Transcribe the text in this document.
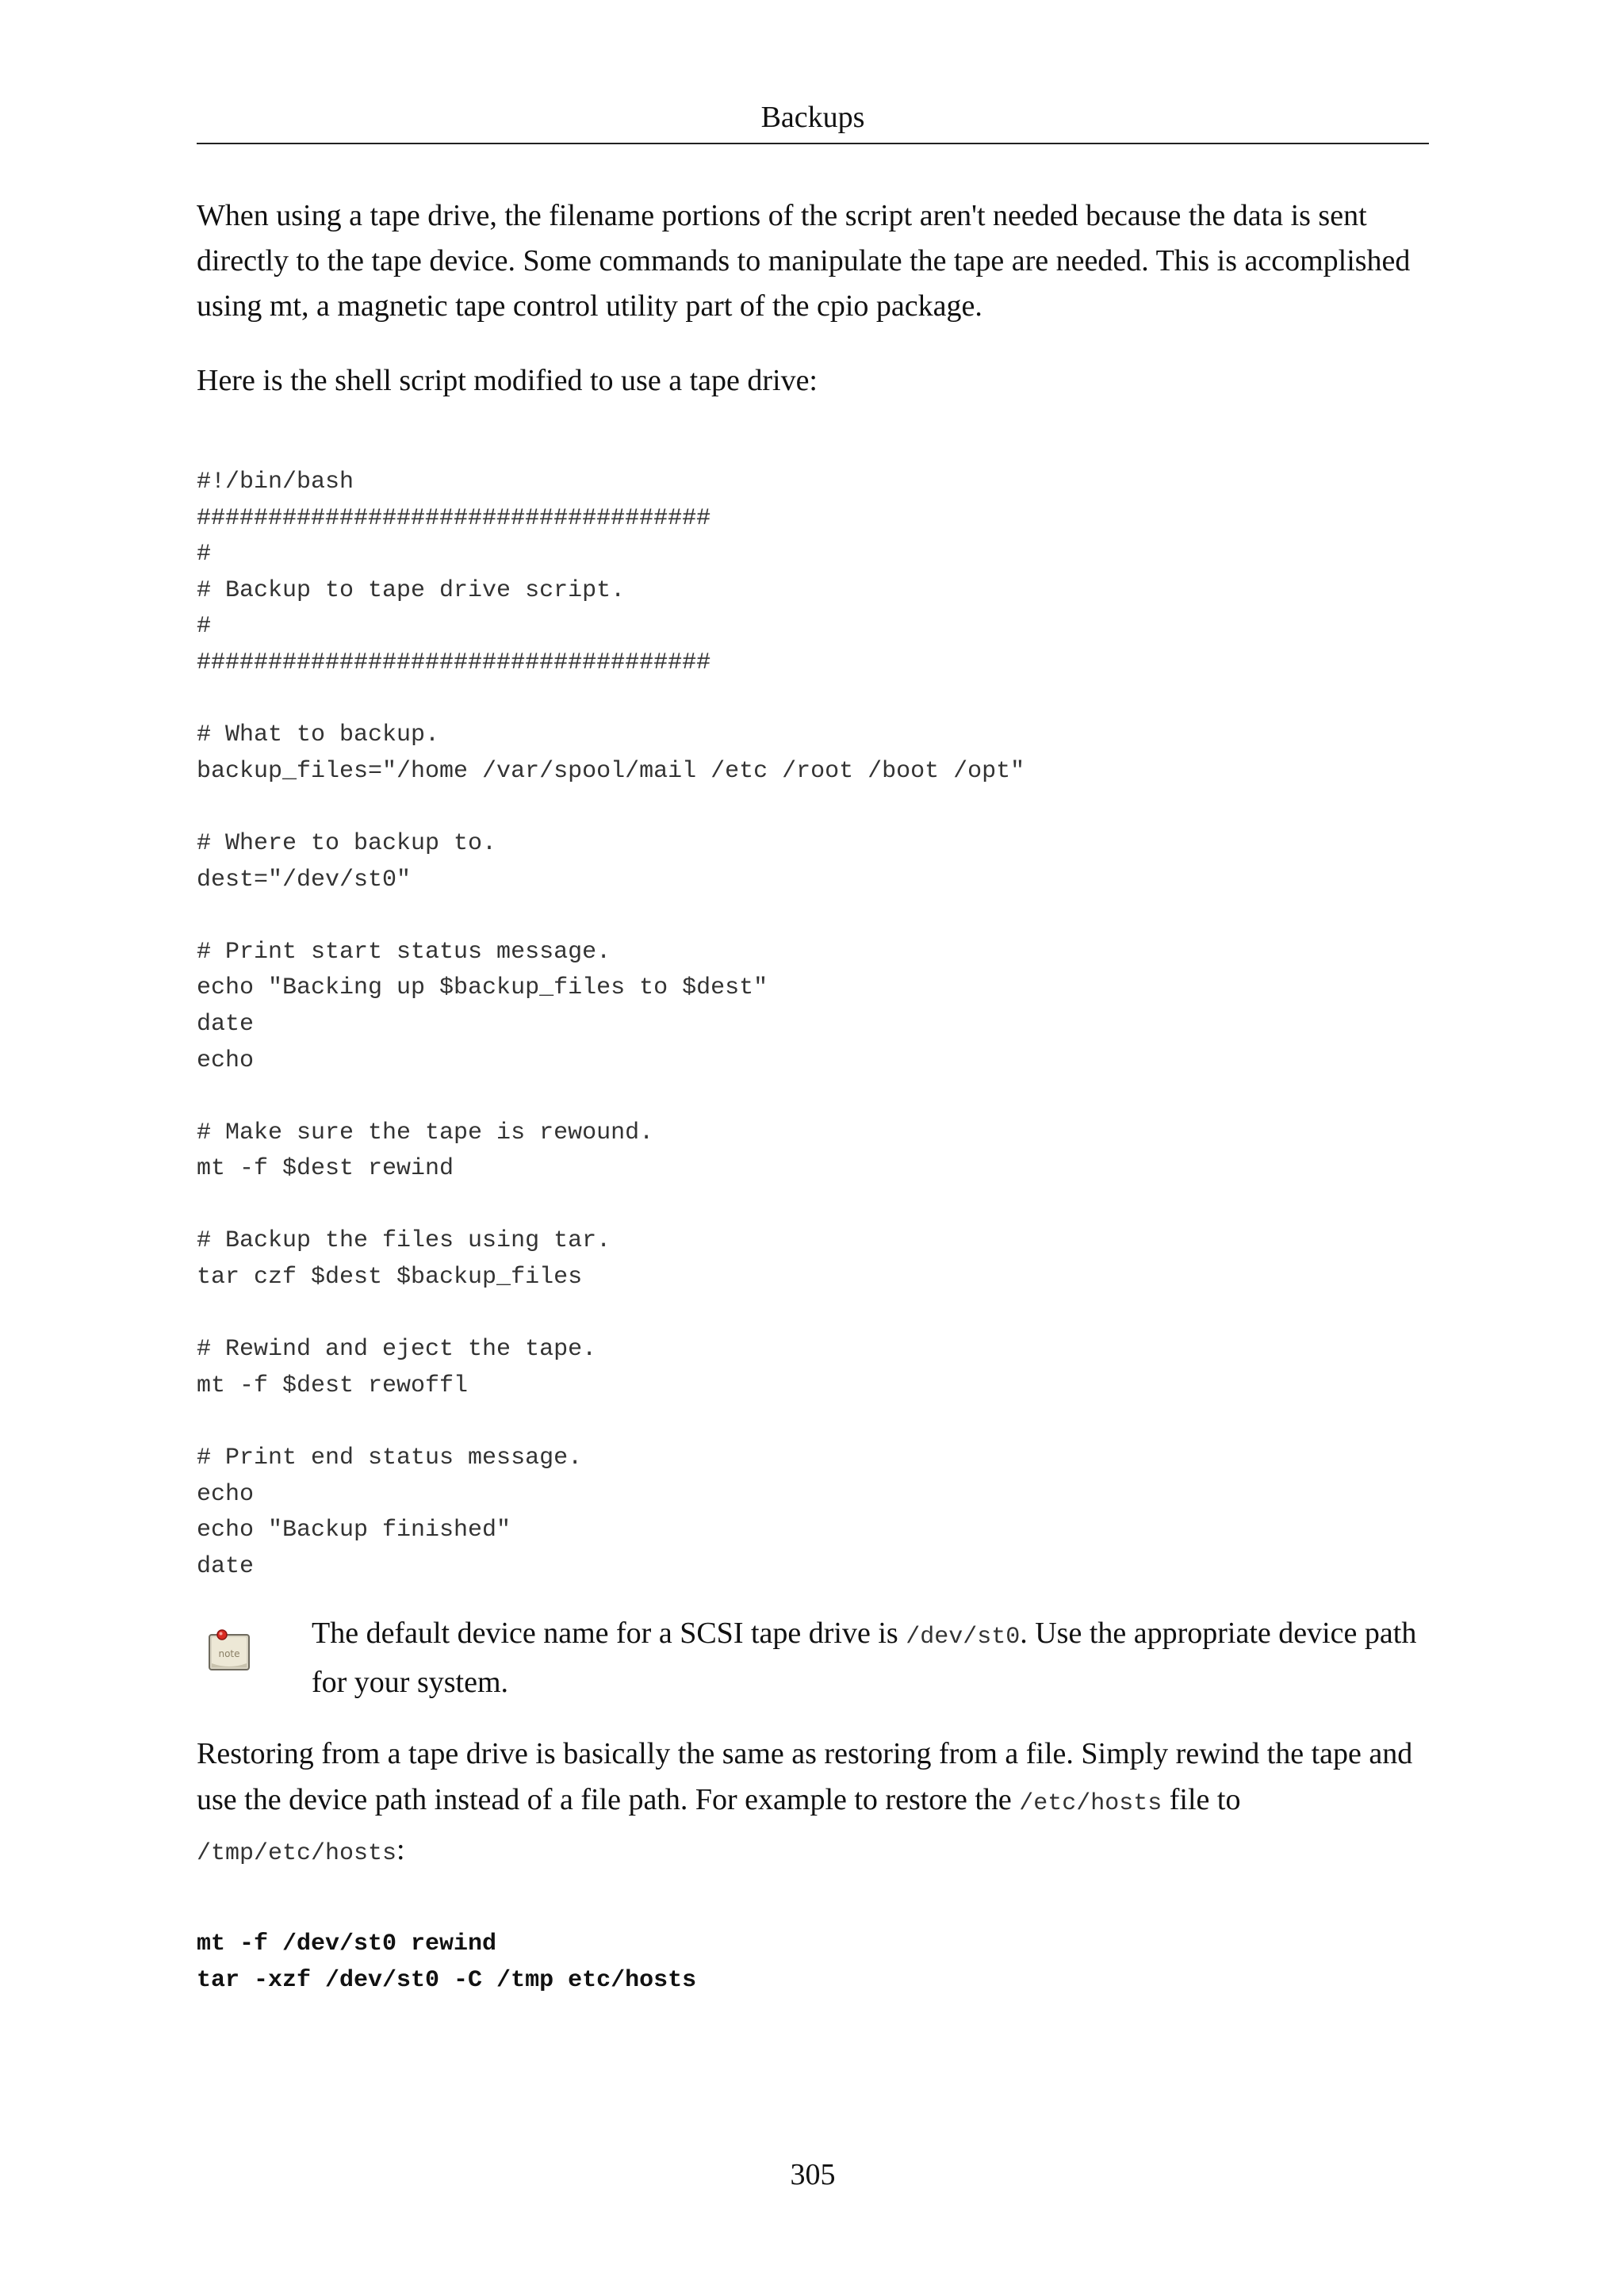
Backups

When using a tape drive, the filename portions of the script aren't needed because the data is sent directly to the tape device. Some commands to manipulate the tape are needed. This is accomplished using mt, a magnetic tape control utility part of the cpio package.

Here is the shell script modified to use a tape drive:

#!/bin/bash
####################################
#
# Backup to tape drive script.
#
####################################
# What to backup.
backup_files="/home /var/spool/mail /etc /root /boot /opt"
# Where to backup to.
dest="/dev/st0"
# Print start status message.
echo "Backing up $backup_files to $dest"
date
echo
# Make sure the tape is rewound.
mt -f $dest rewind
# Backup the files using tar.
tar czf $dest $backup_files
# Rewind and eject the tape.
mt -f $dest rewoffl
# Print end status message.
echo
echo "Backup finished"
date
note

The default device name for a SCSI tape drive is /dev/st0. Use the appropriate device path for your system.

Restoring from a tape drive is basically the same as restoring from a file. Simply rewind the tape and use the device path instead of a file path. For example to restore the /etc/hosts file to /tmp/etc/hosts:

mt -f /dev/st0 rewind
tar -xzf /dev/st0 -C /tmp etc/hosts
305
